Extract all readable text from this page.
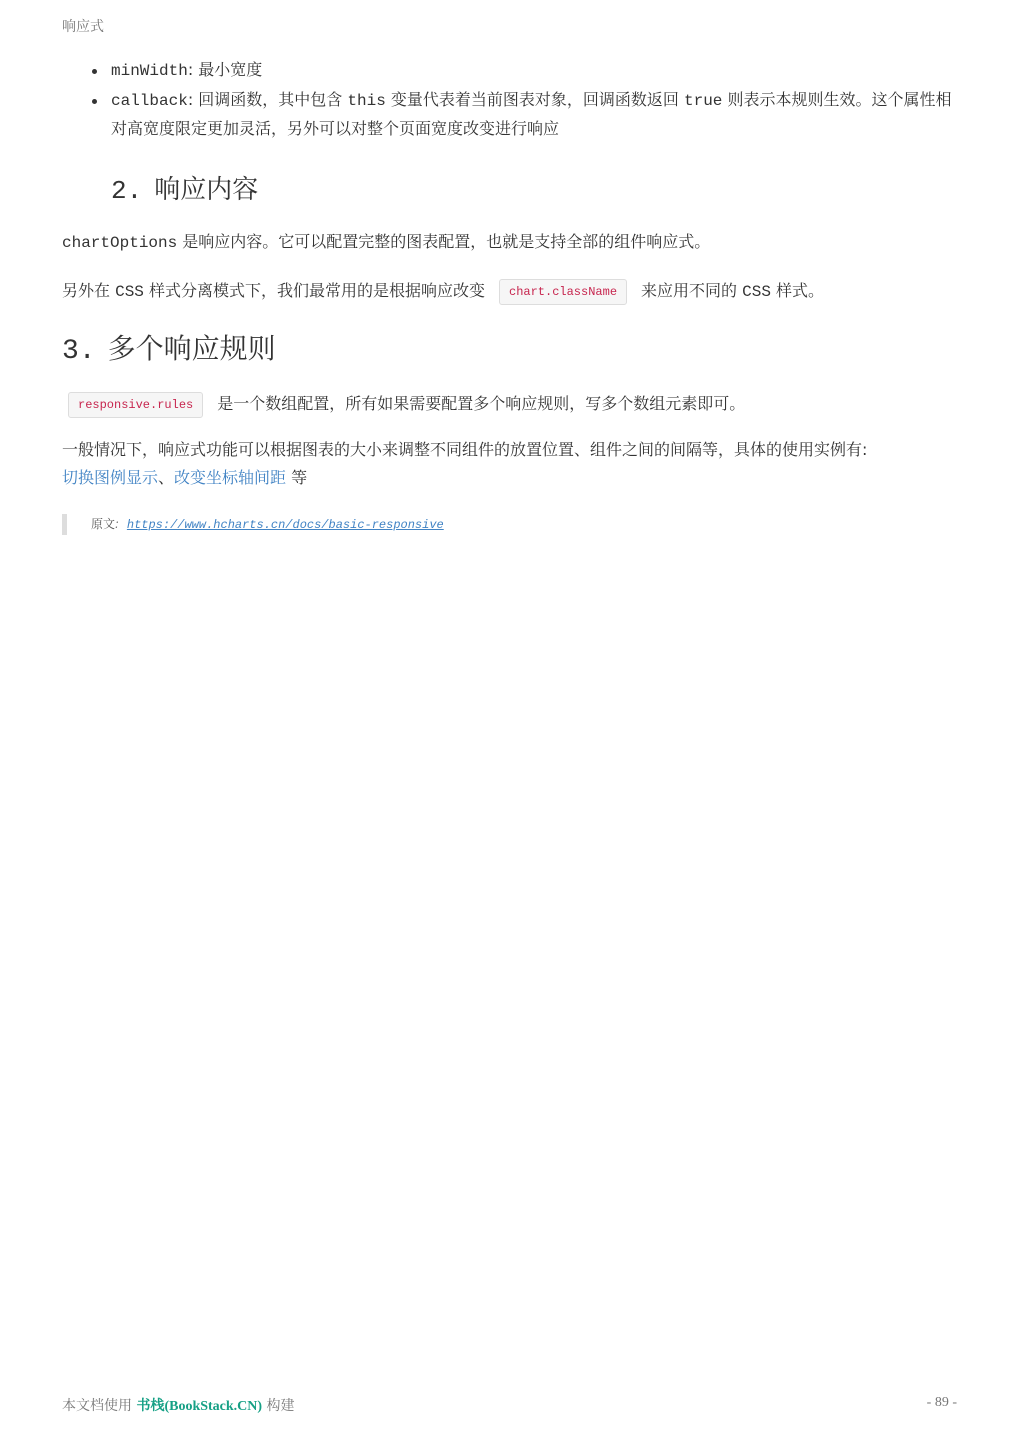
响应式
minWidth: 最小宽度
callback: 回调函数，其中包含 this 变量代表着当前图表对象，回调函数返回 true 则表示本规则生效。这个属性相对高宽度限定更加灵活，另外可以对整个页面宽度改变进行响应
2. 响应内容

chartOptions 是响应内容。它可以配置完整的图表配置，也就是支持全部的组件响应式。

另外在 CSS 样式分离模式下，我们最常用的是根据响应改变 chart.className 来应用不同的 CSS 样式。

3. 多个响应规则

responsive.rules 是一个数组配置，所有如果需要配置多个响应规则，写多个数组元素即可。

一般情况下，响应式功能可以根据图表的大小来调整不同组件的放置位置、组件之间的间隔等，具体的使用实例有:
切换图例显示、改变坐标轴间距 等

原文: https://www.hcharts.cn/docs/basic-responsive
本文档使用 书栈(BookStack.CN) 构建	- 89 -
